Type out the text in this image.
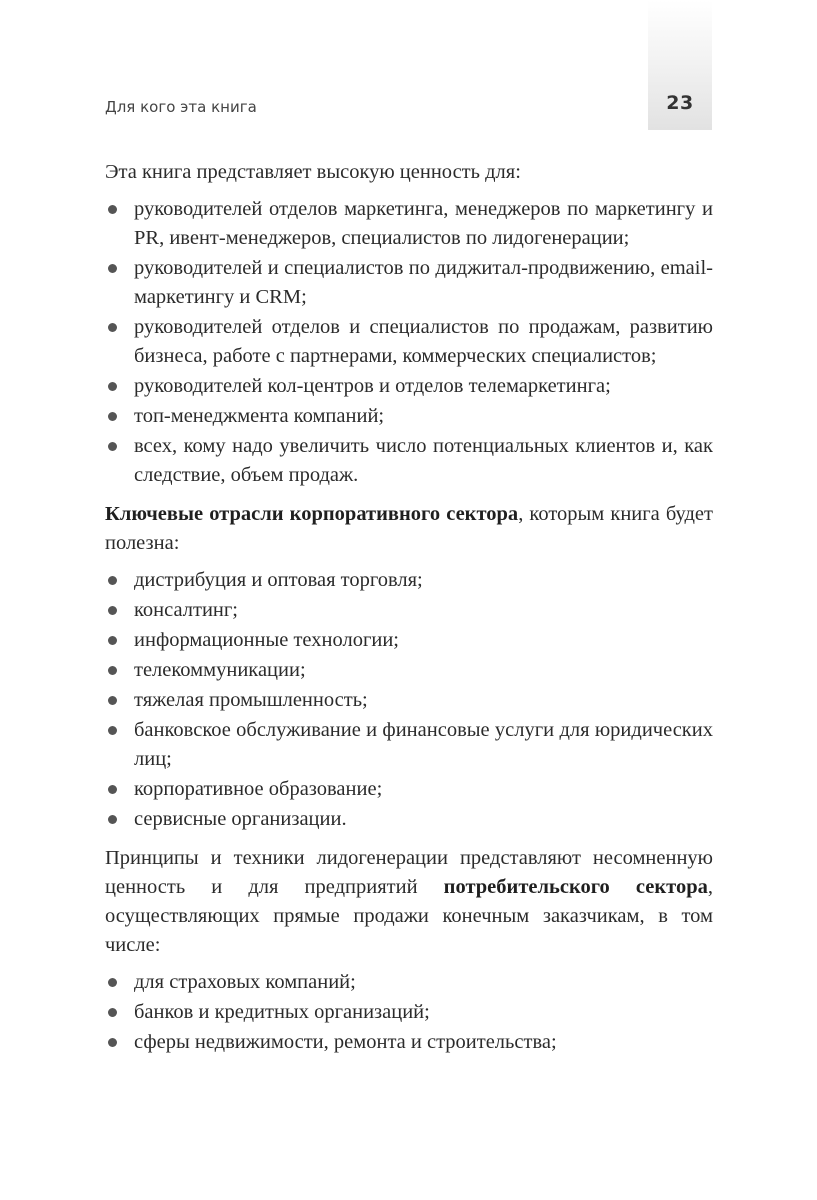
23
Для кого эта книга

Эта книга представляет высокую ценность для:

руководителей отделов маркетинга, менеджеров по маркетингу и PR, ивент-менеджеров, специалистов по лидогенерации;
руководителей и специалистов по диджитал-продвижению, email-маркетингу и CRM;
руководителей отделов и специалистов по продажам, развитию бизнеса, работе с партнерами, коммерческих специалистов;
руководителей кол-центров и отделов телемаркетинга;
топ-менеджмента компаний;
всех, кому надо увеличить число потенциальных клиентов и, как следствие, объем продаж.

Ключевые отрасли корпоративного сектора, которым книга будет полезна:

дистрибуция и оптовая торговля;
консалтинг;
информационные технологии;
телекоммуникации;
тяжелая промышленность;
банковское обслуживание и финансовые услуги для юридических лиц;
корпоративное образование;
сервисные организации.

Принципы и техники лидогенерации представляют несомненную ценность и для предприятий потребительского сектора, осуществляющих прямые продажи конечным заказчикам, в том числе:

для страховых компаний;
банков и кредитных организаций;
сферы недвижимости, ремонта и строительства;
